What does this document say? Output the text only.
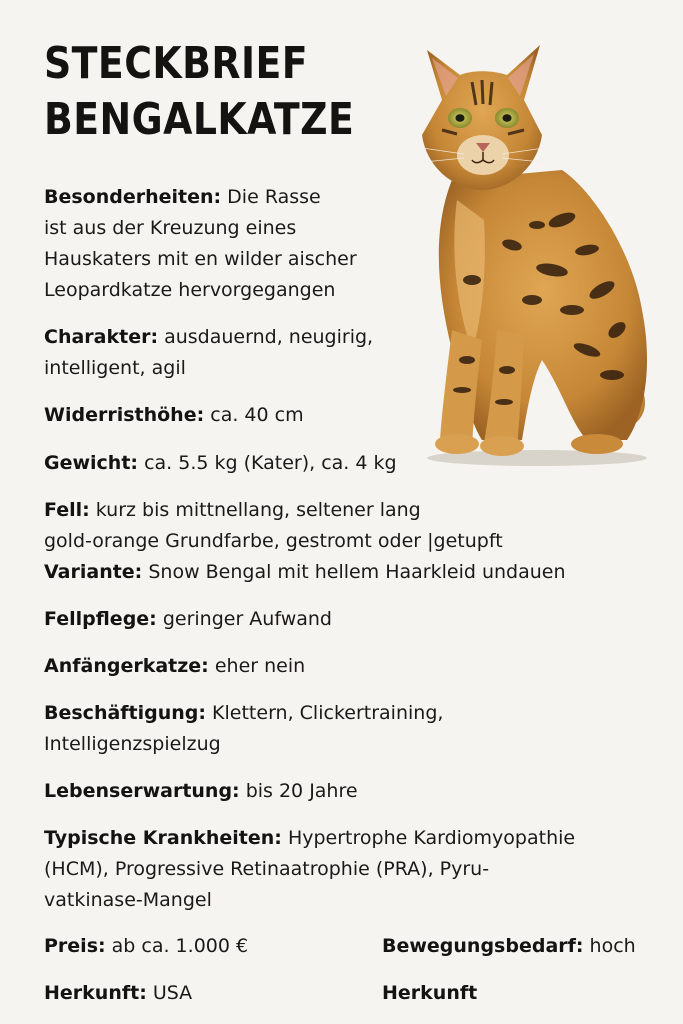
STECKBRIEF
BENGALKATZE
Besonderheiten: Die Rasse
ist aus der Kreuzung eines
Hauskaters mit en wilder aischer
Leopardkatze hervorgegangen
Charakter: ausdauernd, neugirig,
intelligent, agil
Widerristhöhe: ca. 40 cm
Gewicht: ca. 5.5 kg (Kater), ca. 4 kg
Fell: kurz bis mittnellang, seltener lang
gold-orange Grundfarbe, gestromt oder |getupft
Variante: Snow Bengal mit hellem Haarkleid undauen
Fellpflege: geringer Aufwand
Anfängerkatze: eher nein
Beschäftigung: Klettern, Clickertraining,
Intelligenzspielzug
Lebenserwartung: bis 20 Jahre
Typische Krankheiten: Hypertrophe Kardiomyopathie
(HCM), Progressive Retinaatrophie (PRA), Pyru-
vatkinase-Mangel
Preis: ab ca. 1.000 €	Bewegungsbedarf: hoch
Herkunft: USA	Herkunft
